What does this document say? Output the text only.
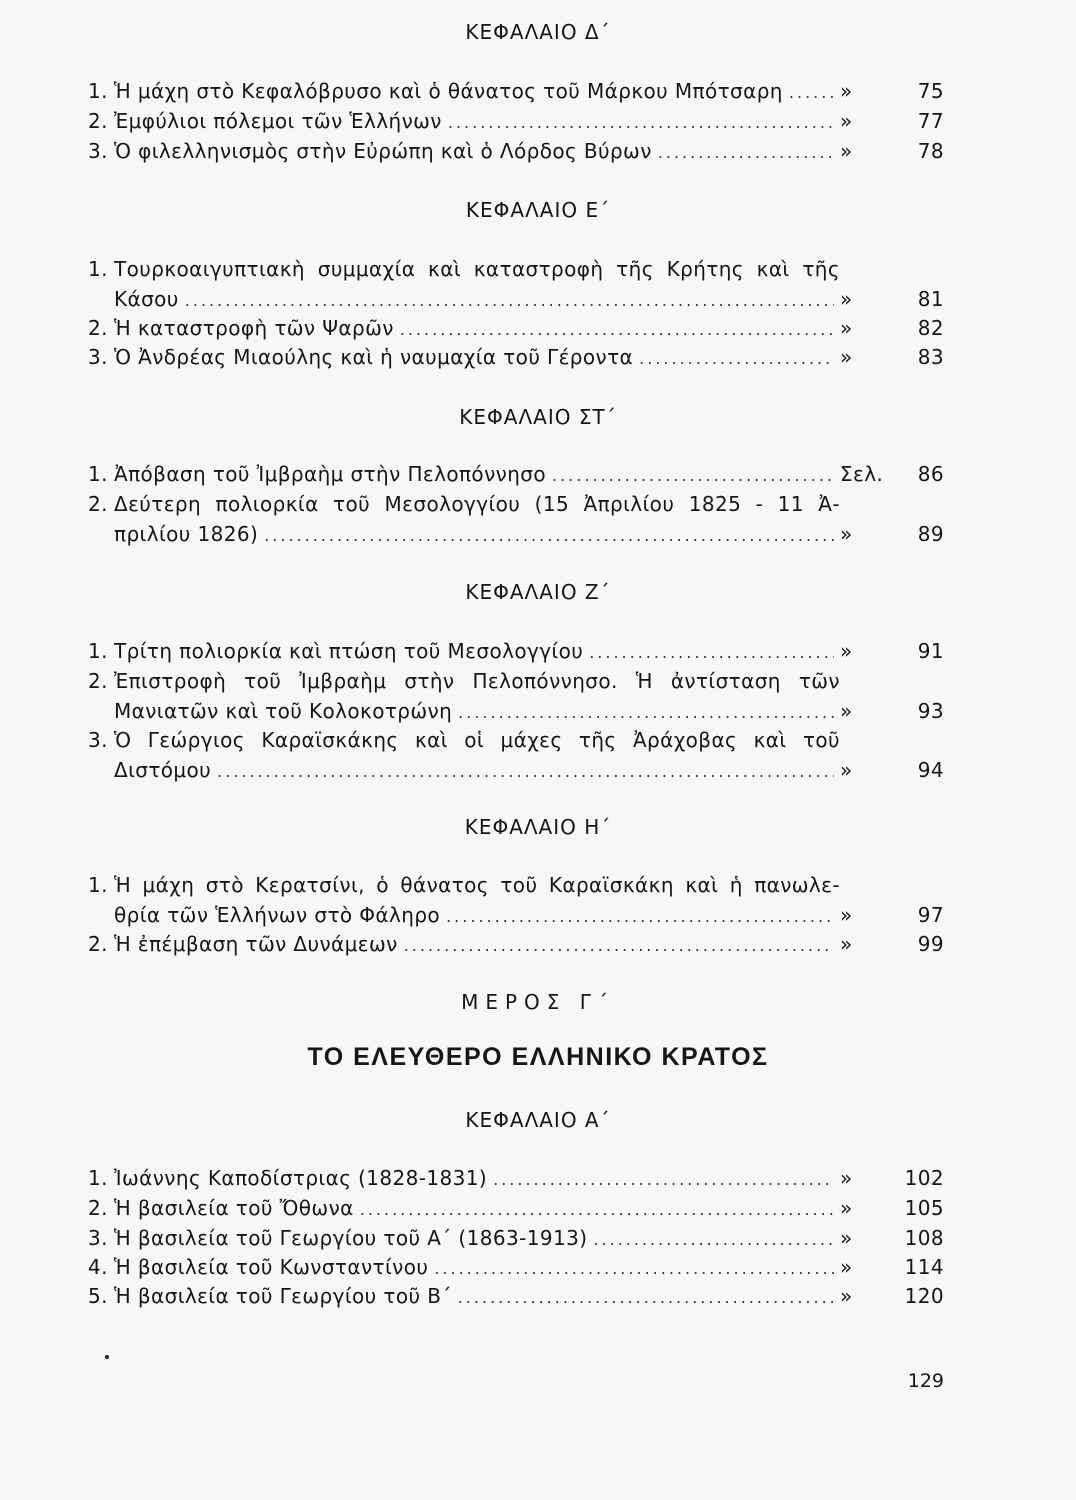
ΚΕΦΑΛΑΙΟ Δ΄
1. Ἡ μάχη στὸ Κεφαλόβρυσο καὶ ὁ θάνατος τοῦ Μάρκου Μπότσαρη .....	»	75
2. Ἐμφύλιοι πόλεμοι τῶν Ἑλλήνων .....	»	77
3. Ὁ φιλελληνισμὸς στὴν Εὐρώπη καὶ ὁ Λόρδος Βύρων .....	»	78
ΚΕΦΑΛΑΙΟ Ε΄
1. Τουρκοαιγυπτιακὴ συμμαχία καὶ καταστροφὴ τῆς Κρήτης καὶ τῆς
Κάσου .....	»	81
2. Ἡ καταστροφὴ τῶν Ψαρῶν .....	»	82
3. Ὁ Ἀνδρέας Μιαούλης καὶ ἡ ναυμαχία τοῦ Γέροντα .....	»	83
ΚΕΦΑΛΑΙΟ ΣΤ΄
1. Ἀπόβαση τοῦ Ἰμβραὴμ στὴν Πελοπόννησο .....	Σελ.	86
2. Δεύτερη πολιορκία τοῦ Μεσολογγίου (15 Ἀπριλίου 1825 - 11 Ἀ-
πριλίου 1826) .....	»	89
ΚΕΦΑΛΑΙΟ Ζ΄
1. Τρίτη πολιορκία καὶ πτώση τοῦ Μεσολογγίου .....	»	91
2. Ἐπιστροφὴ τοῦ Ἰμβραὴμ στὴν Πελοπόννησο. Ἡ ἀντίσταση τῶν
Μανιατῶν καὶ τοῦ Κολοκοτρώνη .....	»	93
3. Ὁ Γεώργιος Καραϊσκάκης καὶ οἱ μάχες τῆς Ἀράχοβας καὶ τοῦ
Διστόμου .....	»	94
ΚΕΦΑΛΑΙΟ Η΄
1. Ἡ μάχη στὸ Κερατσίνι, ὁ θάνατος τοῦ Καραϊσκάκη καὶ ἡ πανωλε-
θρία τῶν Ἑλλήνων στὸ Φάληρο .....	»	97
2. Ἡ ἐπέμβαση τῶν Δυνάμεων .....	»	99
ΜΕΡΟΣ Γ΄
ΤΟ ΕΛΕΥΘΕΡΟ ΕΛΛΗΝΙΚΟ ΚΡΑΤΟΣ
ΚΕΦΑΛΑΙΟ Α΄
1. Ἰωάννης Καποδίστριας (1828-1831) .....	»	102
2. Ἡ βασιλεία τοῦ Ὄθωνα .....	»	105
3. Ἡ βασιλεία τοῦ Γεωργίου τοῦ Α΄ (1863-1913) .....	»	108
4. Ἡ βασιλεία τοῦ Κωνσταντίνου .....	»	114
5. Ἡ βασιλεία τοῦ Γεωργίου τοῦ Β΄ .....	»	120
129
